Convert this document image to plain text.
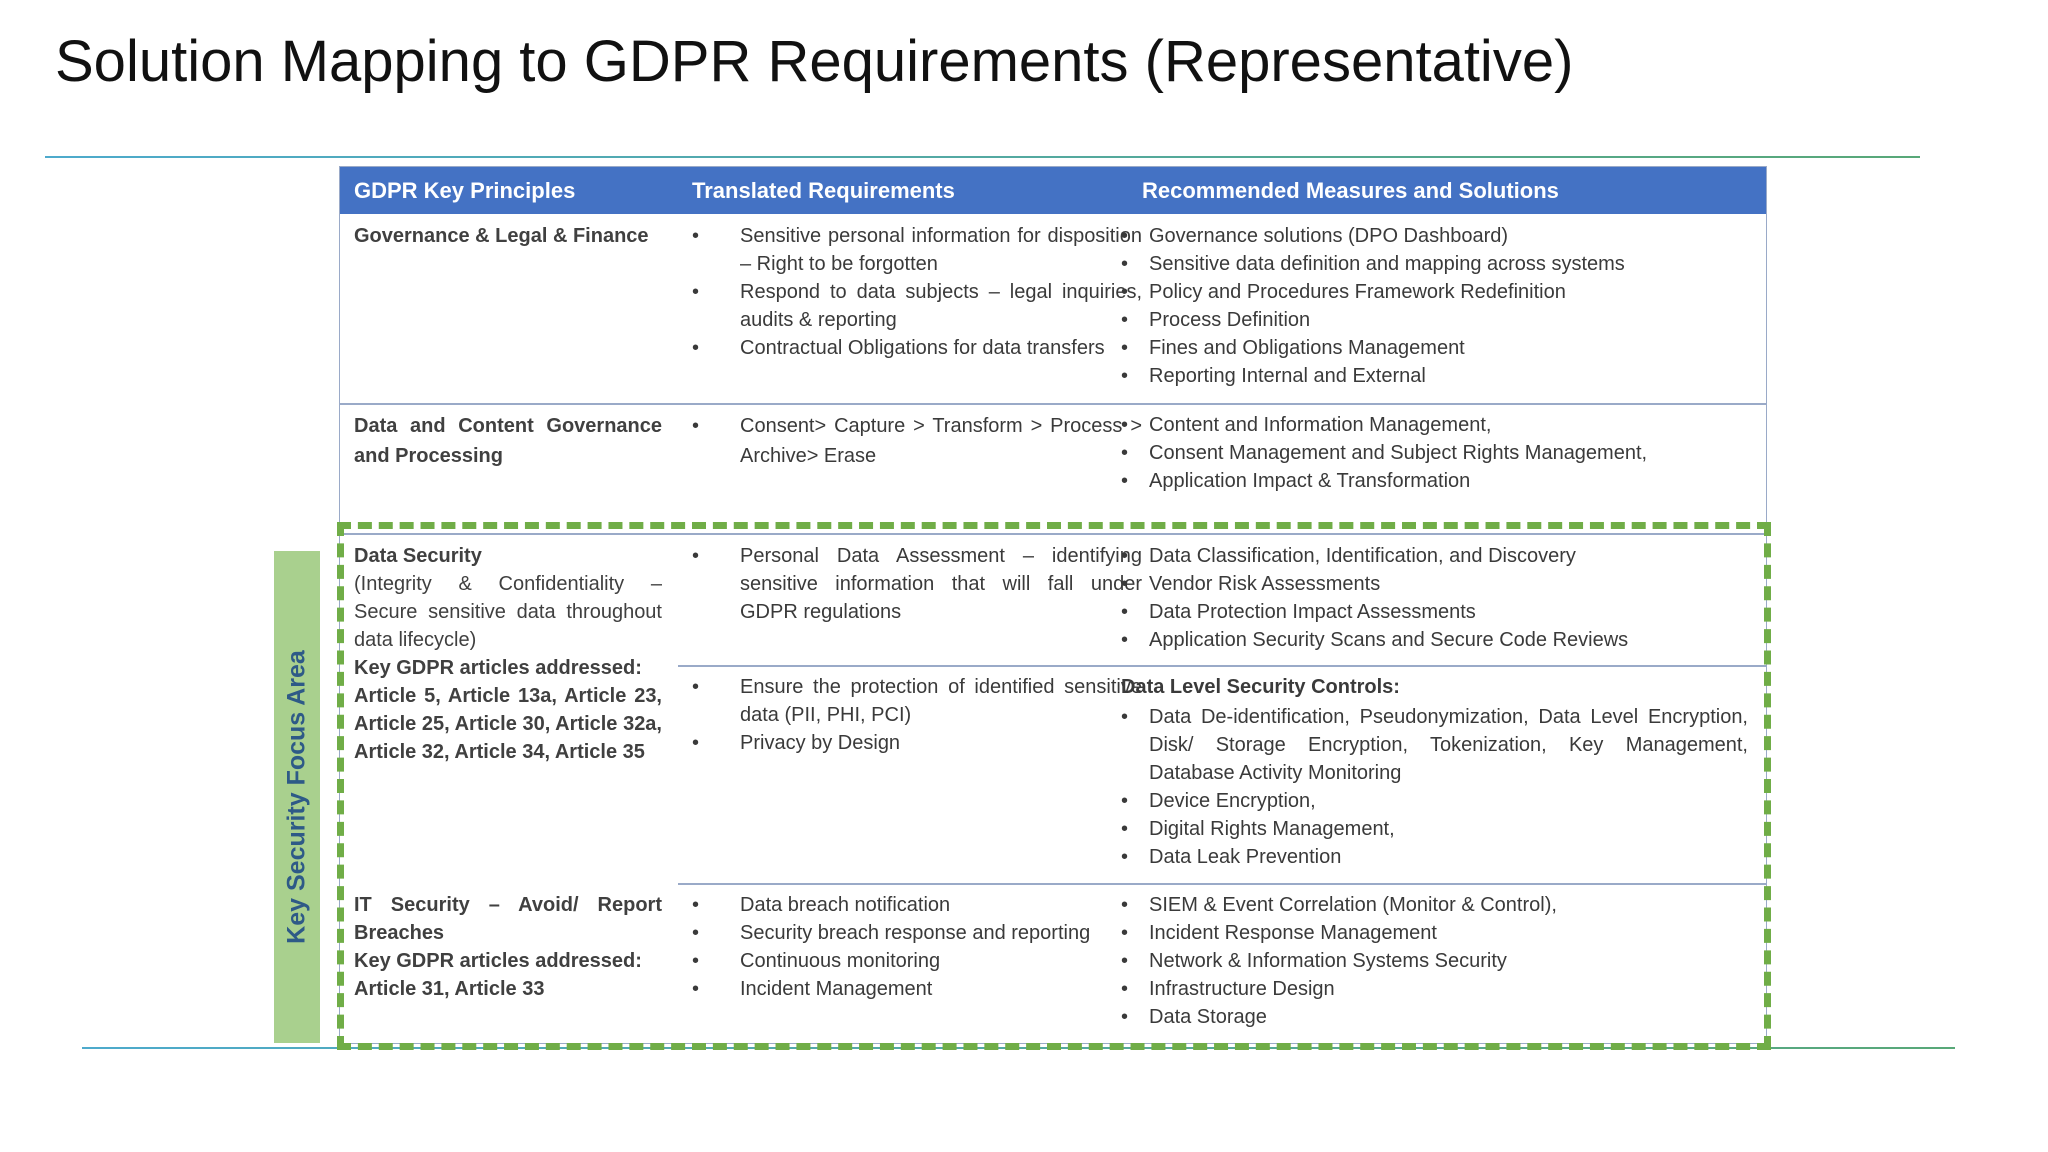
Solution Mapping to GDPR Requirements (Representative)
Key Security Focus Area
GDPR Key Principles	Translated Requirements	Recommended Measures and Solutions
Governance & Legal & Finance
•	Sensitive personal information for disposition – Right to be forgotten
• Respond to data subjects – legal inquiries, audits & reporting
• Contractual Obligations for data transfers
• Governance solutions (DPO Dashboard)
• Sensitive data definition and mapping across systems
• Policy and Procedures Framework Redefinition
• Process Definition
• Fines and Obligations Management
• Reporting Internal and External
Data and Content Governance and Processing
• Consent> Capture > Transform > Process > Archive> Erase
• Content and Information Management,
• Consent Management and Subject Rights Management,
• Application Impact & Transformation
Data Security
(Integrity & Confidentiality – Secure sensitive data throughout data lifecycle)
Key GDPR articles addressed:
Article 5, Article 13a, Article 23, Article 25, Article 30, Article 32a, Article 32, Article 34, Article 35
• Personal Data Assessment – identifying sensitive information that will fall under GDPR regulations
• Data Classification, Identification, and Discovery
• Vendor Risk Assessments
• Data Protection Impact Assessments
• Application Security Scans and Secure Code Reviews
• Ensure the protection of identified sensitive data (PII, PHI, PCI)
• Privacy by Design
Data Level Security Controls:
• Data De-identification, Pseudonymization, Data Level Encryption, Disk/ Storage Encryption, Tokenization, Key Management, Database Activity Monitoring
• Device Encryption,
• Digital Rights Management,
• Data Leak Prevention
IT Security – Avoid/ Report Breaches
Key GDPR articles addressed:
Article 31, Article 33
• Data breach notification
• Security breach response and reporting
• Continuous monitoring
• Incident Management
• SIEM & Event Correlation (Monitor & Control),
• Incident Response Management
• Network & Information Systems Security
• Infrastructure Design
• Data Storage
